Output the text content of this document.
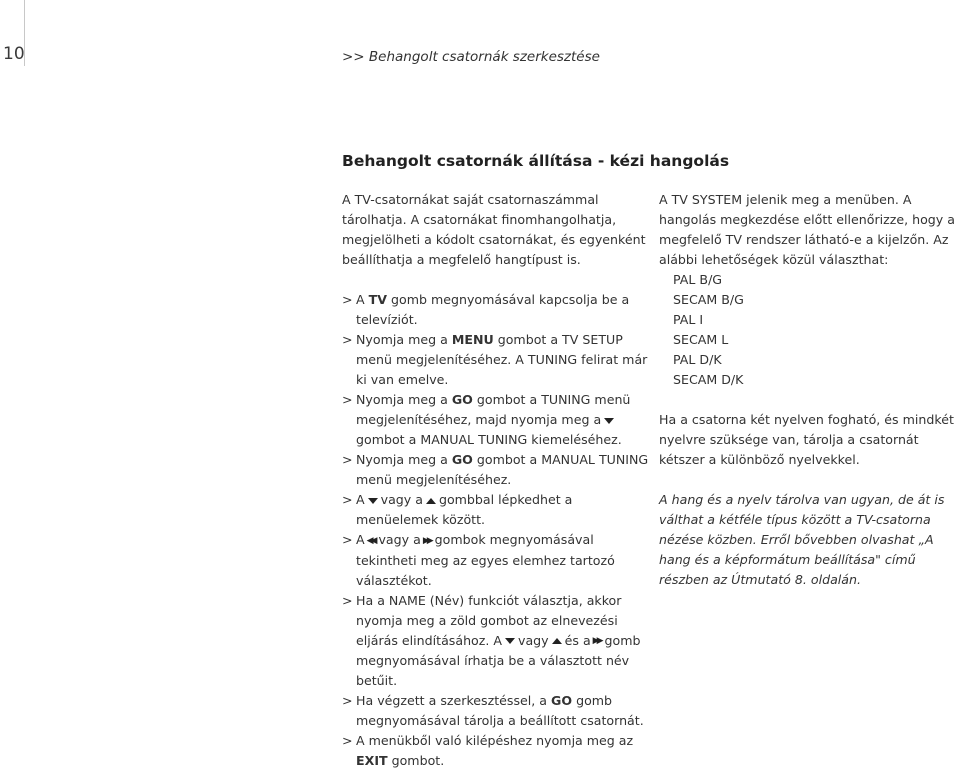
10	>> Behangolt csatornák szerkesztése
Behangolt csatornák állítása - kézi hangolás

A TV-csatornákat saját csatornaszámmal tárolhatja. A csatornákat finomhangolhatja, megjelölheti a kódolt csatornákat, és egyenként beállíthatja a megfelelő hangtípust is.

> A TV gomb megnyomásával kapcsolja be a televíziót.
> Nyomja meg a MENU gombot a TV SETUP menü megjelenítéséhez. A TUNING felirat már ki van emelve.
> Nyomja meg a GO gombot a TUNING menü megjelenítéséhez, majd nyomja meg a
gombot a MANUAL TUNING kiemeléséhez.
> Nyomja meg a GO gombot a MANUAL TUNING menü megjelenítéséhez.
> A vagy a gombbal lépkedhet a menüelemek között.
> A ◀◀ vagy a ▶▶ gombok megnyomásával tekintheti meg az egyes elemhez tartozó választékot.
> Ha a NAME (Név) funkciót választja, akkor nyomja meg a zöld gombot az elnevezési eljárás elindításához. A vagy és a ▶▶ gomb megnyomásával írhatja be a választott név betűit.
> Ha végzett a szerkesztéssel, a GO gomb megnyomásával tárolja a beállított csatornát.
> A menükből való kilépéshez nyomja meg az
EXIT gombot.

A TV SYSTEM jelenik meg a menüben. A hangolás megkezdése előtt ellenőrizze, hogy a megfelelő TV rendszer látható-e a kijelzőn. Az alábbi lehetőségek közül választhat:

PAL B/G
SECAM B/G
PAL I
SECAM L
PAL D/K
SECAM D/K

Ha a csatorna két nyelven fogható, és mindkét nyelvre szüksége van, tárolja a csatornát kétszer a különböző nyelvekkel.

A hang és a nyelv tárolva van ugyan, de át is válthat a kétféle típus között a TV-csatorna nézése közben. Erről bővebben olvashat „A hang és a képformátum beállítása" című részben az Útmutató 8. oldalán.
